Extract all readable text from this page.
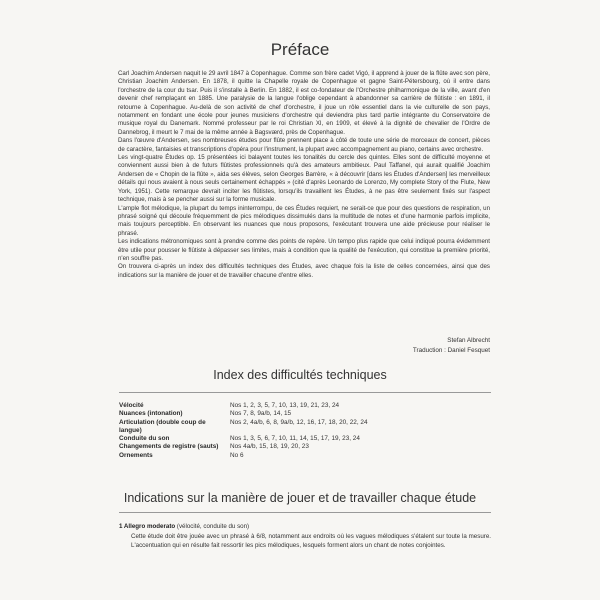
Préface

Carl Joachim Andersen naquit le 29 avril 1847 à Copenhague. Comme son frère cadet Vigó, il apprend à jouer de la flûte avec son père, Christian Joachim Andersen. En 1878, il quitte la Chapelle royale de Copenhague et gagne Saint-Pétersbourg, où il entre dans l'orchestre de la cour du tsar. Puis il s'installe à Berlin. En 1882, il est co-fondateur de l'Orchestre philharmonique de la ville, avant d'en devenir chef remplaçant en 1885. Une paralysie de la langue l'oblige cependant à abandonner sa carrière de flûtiste : en 1891, il retourne à Copenhague. Au-delà de son activité de chef d'orchestre, il joue un rôle essentiel dans la vie culturelle de son pays, notamment en fondant une école pour jeunes musiciens d'orchestre qui deviendra plus tard partie intégrante du Conservatoire de musique royal du Danemark. Nommé professeur par le roi Christian XI, en 1909, et élevé à la dignité de chevalier de l'Ordre de Dannebrog, il meurt le 7 mai de la même année à Bagsværd, près de Copenhague.

Dans l'œuvre d'Andersen, ses nombreuses études pour flûte prennent place à côté de toute une série de morceaux de concert, pièces de caractère, fantaisies et transcriptions d'opéra pour l'instrument, la plupart avec accompagnement au piano, certains avec orchestre.

Les vingt-quatre Études op. 15 présentées ici balayent toutes les tonalités du cercle des quintes. Elles sont de difficulté moyenne et conviennent aussi bien à de futurs flûtistes professionnels qu'à des amateurs ambitieux. Paul Taffanel, qui aurait qualifié Joachim Andersen de « Chopin de la flûte », aida ses élèves, selon Georges Barrère, « à découvrir [dans les Études d'Andersen] les merveilleux détails qui nous avaient à nous seuls certainement échappés » (cité d'après Leonardo de Lorenzo, My complete Story of the Flute, New York, 1951). Cette remarque devrait inciter les flûtistes, lorsqu'ils travaillent les Études, à ne pas être seulement fixés sur l'aspect technique, mais à se pencher aussi sur la forme musicale.

L'ample flot mélodique, la plupart du temps ininterrompu, de ces Études requiert, ne serait-ce que pour des questions de respiration, un phrasé soigné qui découle fréquemment de pics mélodiques dissimulés dans la multitude de notes et d'une harmonie parfois implicite, mais toujours perceptible. En observant les nuances que nous proposons, l'exécutant trouvera une aide précieuse pour réaliser le phrasé.

Les indications métronomiques sont à prendre comme des points de repère. Un tempo plus rapide que celui indiqué pourra évidemment être utile pour pousser le flûtiste à dépasser ses limites, mais à condition que la qualité de l'exécution, qui constitue la première priorité, n'en souffre pas.

On trouvera ci-après un index des difficultés techniques des Études, avec chaque fois la liste de celles concernées, ainsi que des indications sur la manière de jouer et de travailler chacune d'entre elles.

Stefan Albrecht
Traduction : Daniel Fesquet
Index des difficultés techniques
Vélocité	Nos 1, 2, 3, 5, 7, 10, 13, 19, 21, 23, 24
Nuances (intonation)	Nos 7, 8, 9a/b, 14, 15
Articulation (double coup de langue)
Nos 2, 4a/b, 6, 8, 9a/b, 12, 16, 17, 18, 20, 22, 24
Conduite du son	Nos 1, 3, 5, 6, 7, 10, 11, 14, 15, 17, 19, 23, 24
Changements de registre (sauts)	Nos 4a/b, 15, 18, 19, 20, 23
Ornements	No 6
Indications sur la manière de jouer et de travailler chaque étude

1 Allegro moderato (vélocité, conduite du son)

Cette étude doit être jouée avec un phrasé à 6/8, notamment aux endroits où les vagues mélodiques s'étalent sur toute la mesure. L'accentuation qui en résulte fait ressortir les pics mélodiques, lesquels forment alors un chant de notes conjointes.
